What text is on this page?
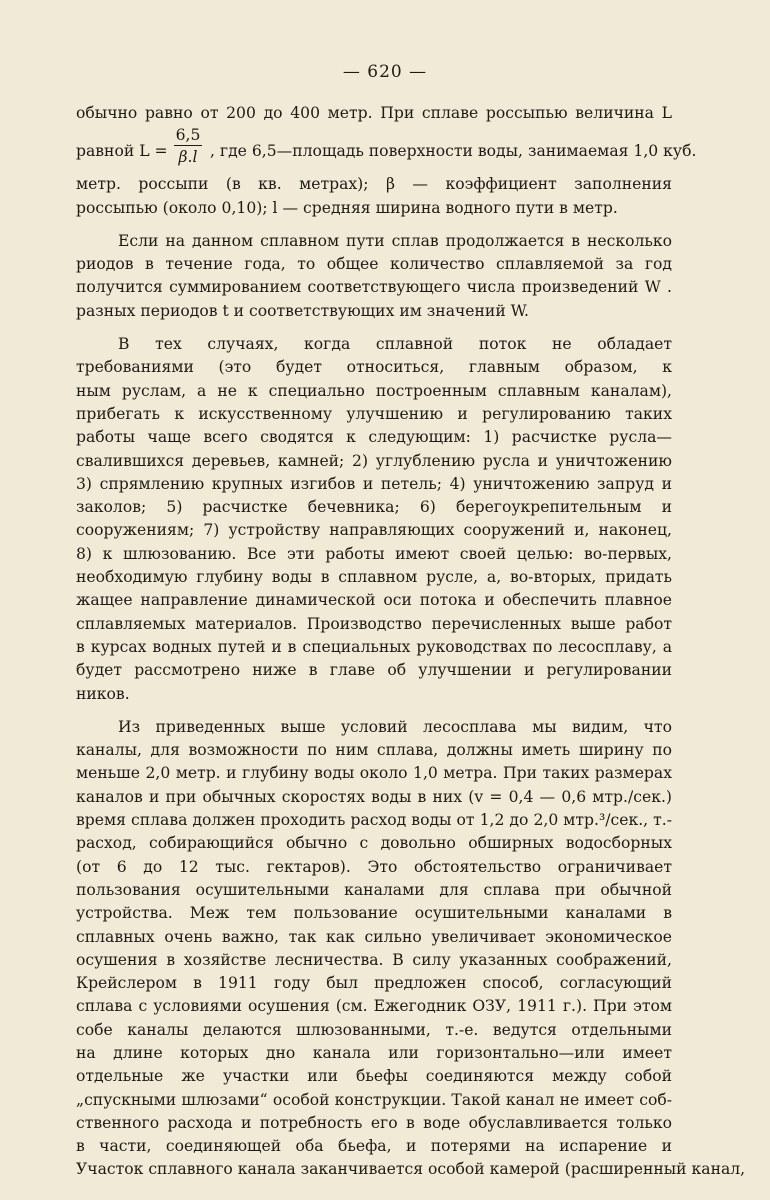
— 620 —
обычно равно от 200 до 400 метр. При сплаве россыпью величина L
равной $L = \frac{6,5}{\beta.l}$ , где 6,5—площадь поверхности воды, занимаемая 1,0 куб.
метр. россыпи (в кв. метрах); β — коэффициент заполнения
россыпью (около 0,10); l — средняя ширина водного пути в метр.
Если на данном сплавном пути сплав продолжается в несколько
риодов в течение года, то общее количество сплавляемой за год
получится суммированием соответствующего числа произведений W .
разных периодов t и соответствующих им значений W.
В тех случаях, когда сплавной поток не обладает
требованиями (это будет относиться, главным образом, к
ным руслам, а не к специально построенным сплавным каналам),
прибегать к искусственному улучшению и регулированию таких
работы чаще всего сводятся к следующим: 1) расчистке русла—
свалившихся деревьев, камней; 2) углублению русла и уничтожению
3) спрямлению крупных изгибов и петель; 4) уничтожению запруд и
заколов; 5) расчистке бечевника; 6) берегоукрепительным и
сооружениям; 7) устройству направляющих сооружений и, наконец,
8) к шлюзованию. Все эти работы имеют своей целью: во-первых,
необходимую глубину воды в сплавном русле, а, во-вторых, придать
жащее направление динамической оси потока и обеспечить плавное
сплавляемых материалов. Производство перечисленных выше работ
в курсах водных путей и в специальных руководствах по лесосплаву, а
будет рассмотрено ниже в главе об улучшении и регулировании
ников.
Из приведенных выше условий лесосплава мы видим, что
каналы, для возможности по ним сплава, должны иметь ширину по
меньше 2,0 метр. и глубину воды около 1,0 метра. При таких размерах
каналов и при обычных скоростях воды в них (v = 0,4 — 0,6 мтр./сек.)
время сплава должен проходить расход воды от 1,2 до 2,0 мтр.³/сек., т.-
расход, собирающийся обычно с довольно обширных водосборных
(от 6 до 12 тыс. гектаров). Это обстоятельство ограничивает
пользования осушительными каналами для сплава при обычной
устройства. Меж тем пользование осушительными каналами в
сплавных очень важно, так как сильно увеличивает экономическое
осушения в хозяйстве лесничества. В силу указанных соображений,
Крейслером в 1911 году был предложен способ, согласующий
сплава с условиями осушения (см. Ежегодник ОЗУ, 1911 г.). При этом
собе каналы делаются шлюзованными, т.-е. ведутся отдельными
на длине которых дно канала или горизонтально—или имеет
отдельные же участки или бьефы соединяются между собой
„спускными шлюзами“ особой конструкции. Такой канал не имеет соб-
ственного расхода и потребность его в воде обуславливается только
в части, соединяющей оба бьефа, и потерями на испарение и
Участок сплавного канала заканчивается особой камерой (расширенный канал,
